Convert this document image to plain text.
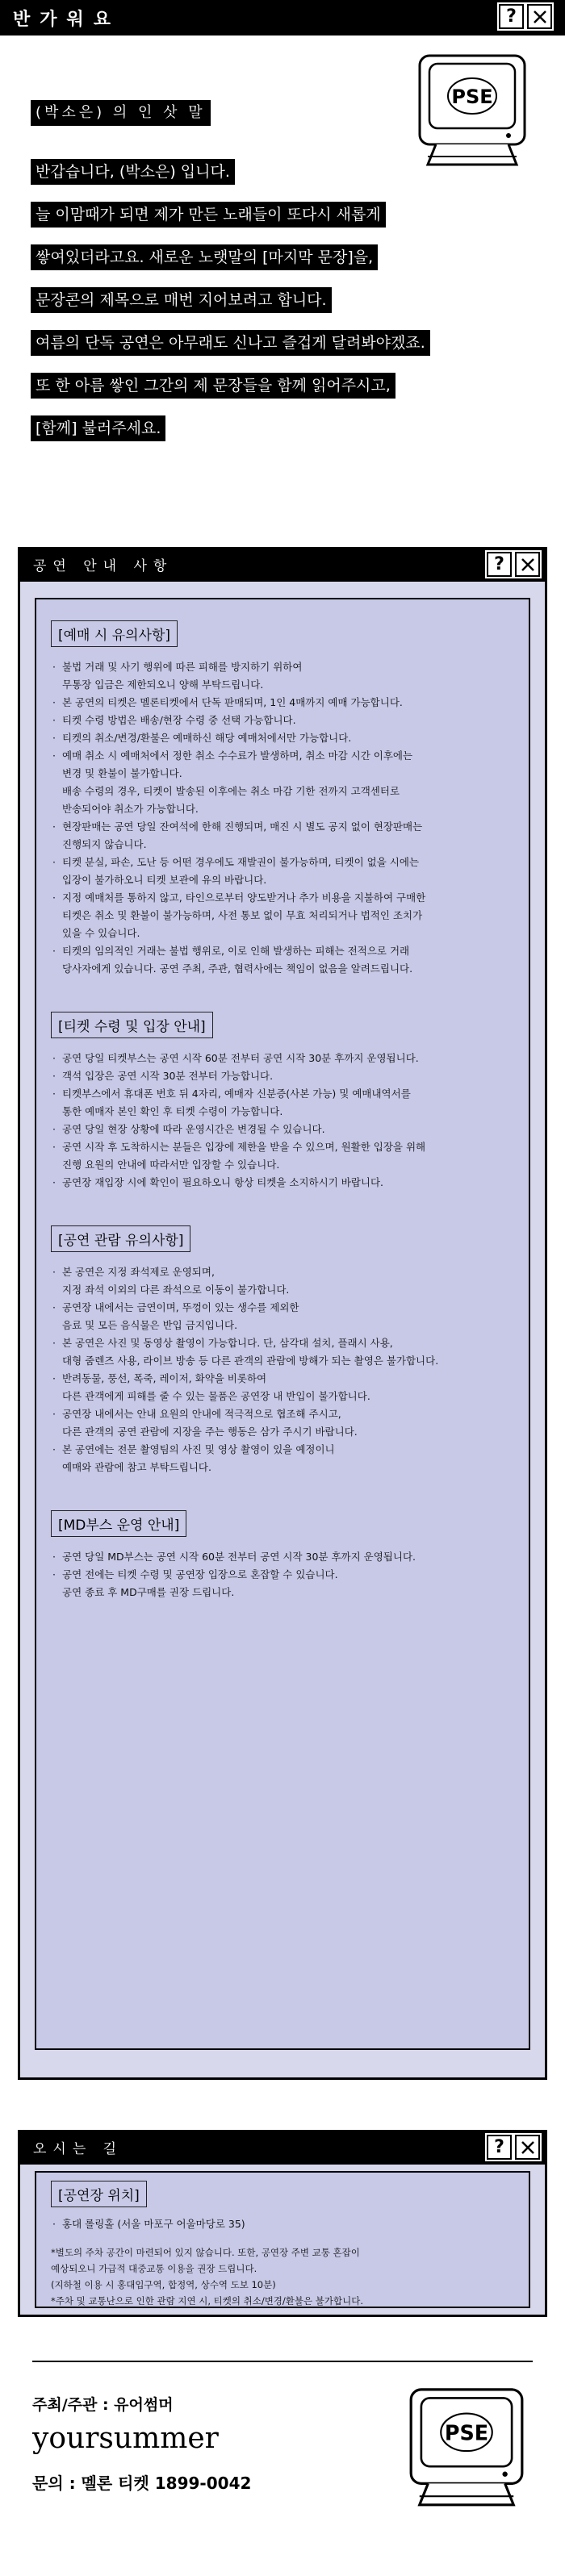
반가워요	?
(박소은) 의 인 삿 말
반갑습니다, (박소은) 입니다.
늘 이맘때가 되면 제가 만든 노래들이 또다시 새롭게
쌓여있더라고요. 새로운 노랫말의 [마지막 문장]을,
문장콘의 제목으로 매번 지어보려고 합니다.
여름의 단독 공연은 아무래도 신나고 즐겁게 달려봐야겠죠.
또 한 아름 쌓인 그간의 제 문장들을 함께 읽어주시고,
[함께] 불러주세요.
PSE
공연 안내 사항	?
[예매 시 유의사항]
· 불법 거래 및 사기 행위에 따른 피해를 방지하기 위하여
무통장 입금은 제한되오니 양해 부탁드립니다.
· 본 공연의 티켓은 멜론티켓에서 단독 판매되며, 1인 4매까지 예매 가능합니다.
· 티켓 수령 방법은 배송/현장 수령 중 선택 가능합니다.
· 티켓의 취소/변경/환불은 예매하신 해당 예매처에서만 가능합니다.
· 예매 취소 시 예매처에서 정한 취소 수수료가 발생하며, 취소 마감 시간 이후에는
변경 및 환불이 불가합니다.
배송 수령의 경우, 티켓이 발송된 이후에는 취소 마감 기한 전까지 고객센터로
반송되어야 취소가 가능합니다.
· 현장판매는 공연 당일 잔여석에 한해 진행되며, 매진 시 별도 공지 없이 현장판매는
진행되지 않습니다.
· 티켓 분실, 파손, 도난 등 어떤 경우에도 재발권이 불가능하며, 티켓이 없을 시에는
입장이 불가하오니 티켓 보관에 유의 바랍니다.
· 지정 예매처를 통하지 않고, 타인으로부터 양도받거나 추가 비용을 지불하여 구매한
티켓은 취소 및 환불이 불가능하며, 사전 통보 없이 무효 처리되거나 법적인 조치가
있을 수 있습니다.
· 티켓의 임의적인 거래는 불법 행위로, 이로 인해 발생하는 피해는 전적으로 거래
당사자에게 있습니다. 공연 주최, 주관, 협력사에는 책임이 없음을 알려드립니다.
[티켓 수령 및 입장 안내]
· 공연 당일 티켓부스는 공연 시작 60분 전부터 공연 시작 30분 후까지 운영됩니다.
· 객석 입장은 공연 시작 30분 전부터 가능합니다.
· 티켓부스에서 휴대폰 번호 뒤 4자리, 예매자 신분증(사본 가능) 및 예매내역서를
통한 예매자 본인 확인 후 티켓 수령이 가능합니다.
· 공연 당일 현장 상황에 따라 운영시간은 변경될 수 있습니다.
· 공연 시작 후 도착하시는 분들은 입장에 제한을 받을 수 있으며, 원활한 입장을 위해
진행 요원의 안내에 따라서만 입장할 수 있습니다.
· 공연장 재입장 시에 확인이 필요하오니 항상 티켓을 소지하시기 바랍니다.
[공연 관람 유의사항]
· 본 공연은 지정 좌석제로 운영되며,
지정 좌석 이외의 다른 좌석으로 이동이 불가합니다.
· 공연장 내에서는 금연이며, 뚜껑이 있는 생수를 제외한
음료 및 모든 음식물은 반입 금지입니다.
· 본 공연은 사진 및 동영상 촬영이 가능합니다. 단, 삼각대 설치, 플래시 사용,
대형 줌렌즈 사용, 라이브 방송 등 다른 관객의 관람에 방해가 되는 촬영은 불가합니다.
· 반려동물, 풍선, 폭죽, 레이저, 화약을 비롯하여
다른 관객에게 피해를 줄 수 있는 물품은 공연장 내 반입이 불가합니다.
· 공연장 내에서는 안내 요원의 안내에 적극적으로 협조해 주시고,
다른 관객의 공연 관람에 지장을 주는 행동은 삼가 주시기 바랍니다.
· 본 공연에는 전문 촬영팀의 사진 및 영상 촬영이 있을 예정이니
예매와 관람에 참고 부탁드립니다.
[MD부스 운영 안내]
· 공연 당일 MD부스는 공연 시작 60분 전부터 공연 시작 30분 후까지 운영됩니다.
· 공연 전에는 티켓 수령 및 공연장 입장으로 혼잡할 수 있습니다.
공연 종료 후 MD구매를 권장 드립니다.
오시는 길	?
[공연장 위치]
· 홍대 롤링홀 (서울 마포구 어울마당로 35)
*별도의 주차 공간이 마련되어 있지 않습니다. 또한, 공연장 주변 교통 혼잡이
예상되오니 가급적 대중교통 이용을 권장 드립니다.
(지하철 이용 시 홍대입구역, 합정역, 상수역 도보 10분)
*주차 및 교통난으로 인한 관람 지연 시, 티켓의 취소/변경/환불은 불가합니다.
주최/주관 : 유어썸머
yoursummer
문의 : 멜론 티켓 1899-0042
PSE
